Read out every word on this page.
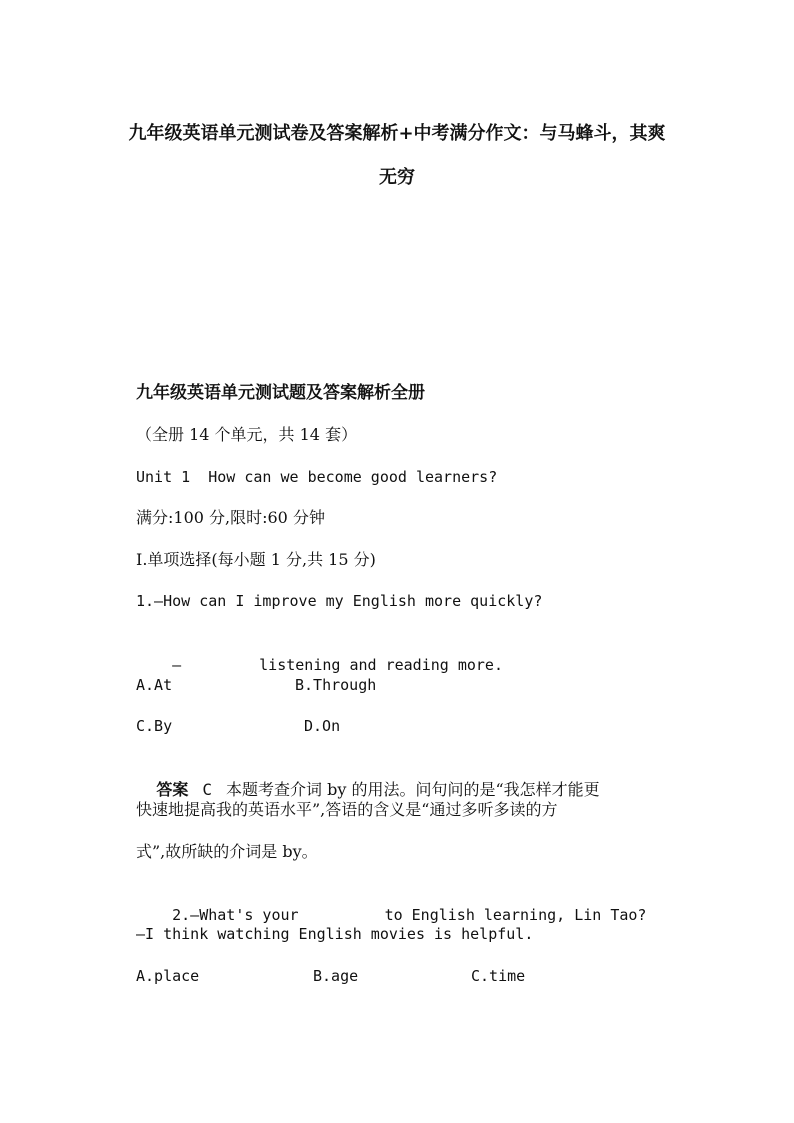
九年级英语单元测试卷及答案解析+中考满分作文：与马蜂斗，其爽
无穷
九年级英语单元测试题及答案解析全册
（全册 14 个单元，共 14 套）
Unit 1  How can we become good learners?
满分:100 分,限时:60 分钟
Ⅰ.单项选择(每小题 1 分,共 15 分)
1.—How can I improve my English more quickly?

—	listening and reading more.

A.At	B.Through
C.By	D.On

答案 C 本题考查介词 by 的用法。问句问的是“我怎样才能更

快速地提高我的英语水平”,答语的含义是“通过多听多读的方
式”,故所缺的介词是 by。

2.—What's your	to English learning, Lin Tao?

—I think watching English movies is helpful.
A.place	B.age	C.time
